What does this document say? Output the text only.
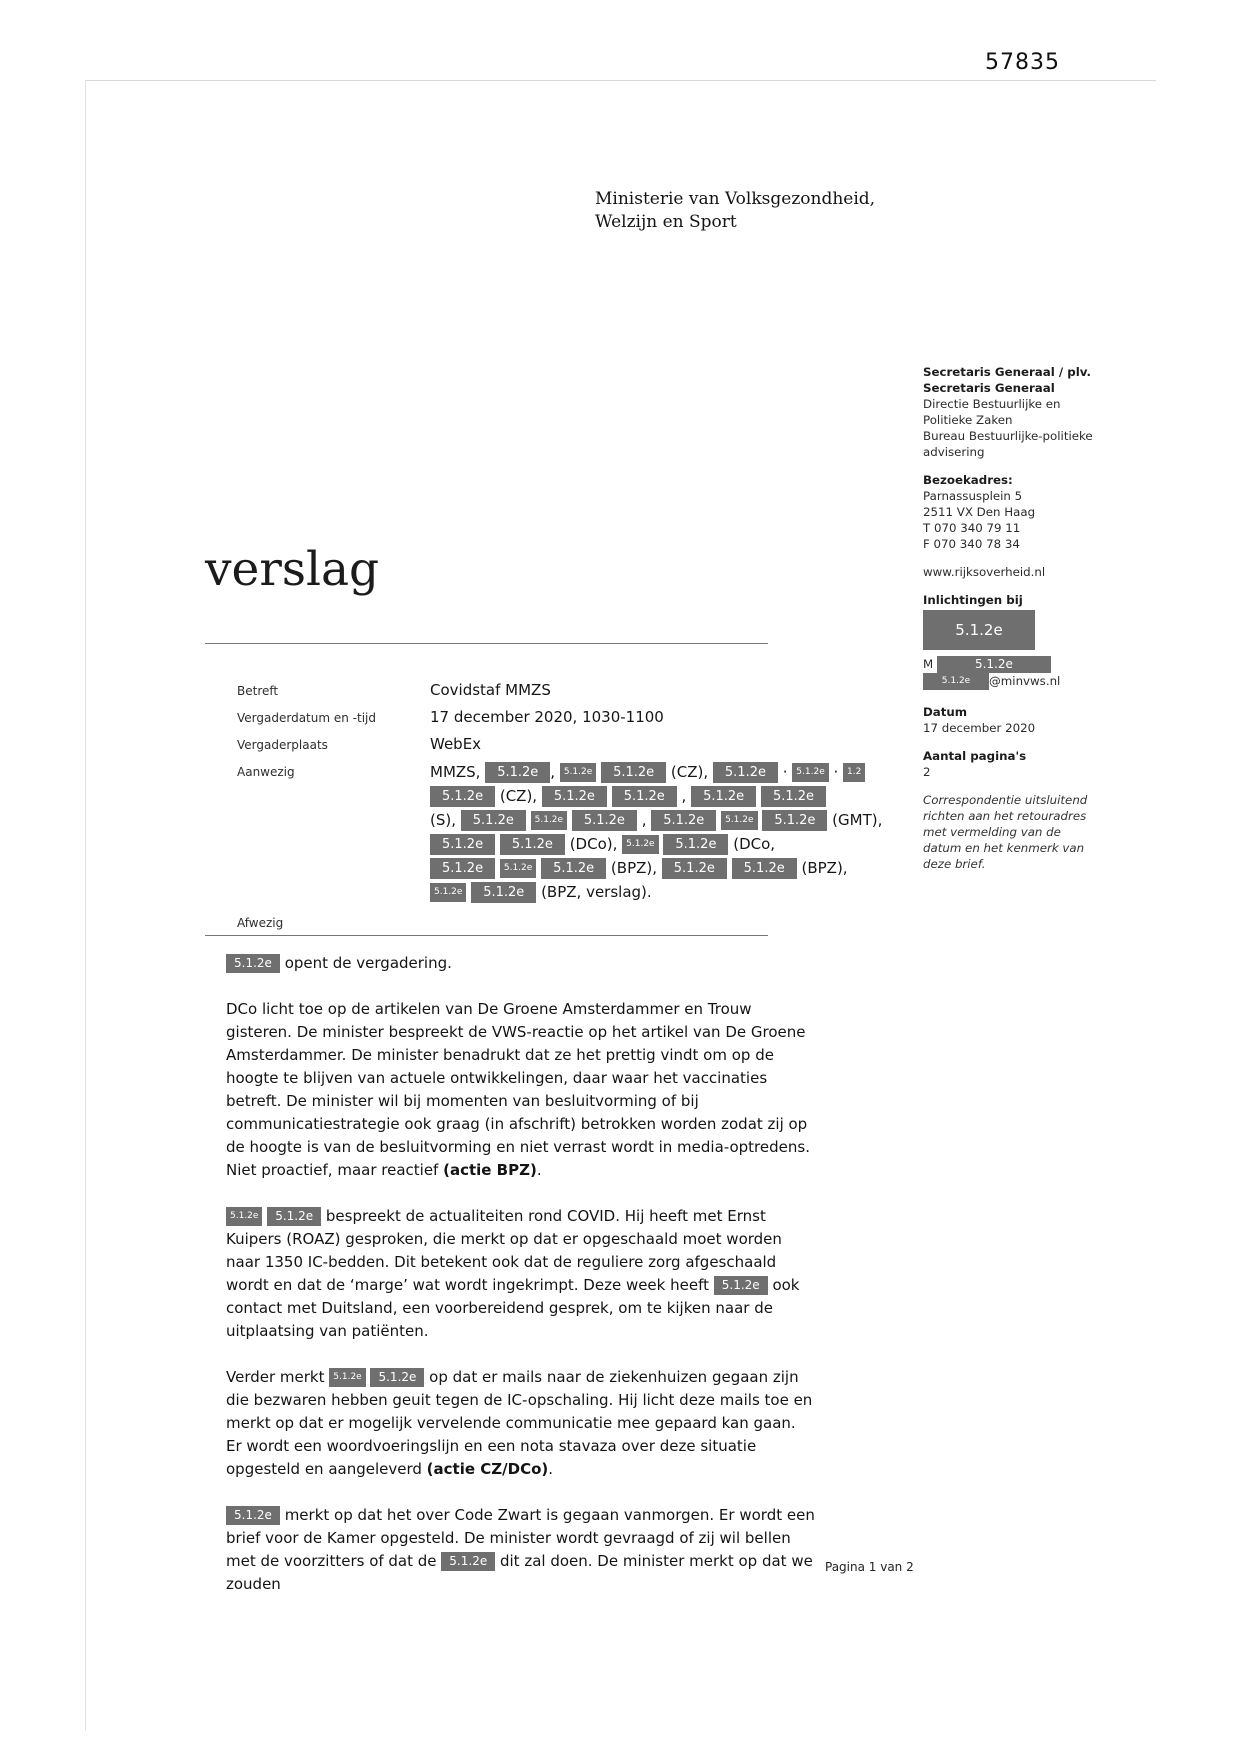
57835
Ministerie van Volksgezondheid,
Welzijn en Sport
Secretaris Generaal / plv.
Secretaris Generaal
Directie Bestuurlijke en
Politieke Zaken
Bureau Bestuurlijke-politieke
advisering
Bezoekadres:
Parnassusplein 5
2511 VX Den Haag
T 070 340 79 11
F 070 340 78 34
www.rijksoverheid.nl
Inlichtingen bij
5.1.2e
M	5.1.2e
5.1.2e @minvws.nl
Datum
17 december 2020
Aantal pagina's
2
Correspondentie uitsluitend richten aan het retouradres met vermelding van de datum en het kenmerk van deze brief.
verslag
Betreft	Covidstaf MMZS
Vergaderdatum en -tijd	17 december 2020, 1030-1100
Vergaderplaats	WebEx
Aanwezig	MMZS, 5.1.2e , 5.1.2e 5.1.2e (CZ), 5.1.2e · 5.1.2e · 1.2
5.1.2e (CZ), 5.1.2e 5.1.2e , 5.1.2e 5.1.2e
(S), 5.1.2e 5.1.2e 5.1.2e , 5.1.2e 5.1.2e 5.1.2e (GMT),
5.1.2e 5.1.2e (DCo), 5.1.2e 5.1.2e (DCo,
5.1.2e 5.1.2e 5.1.2e (BPZ), 5.1.2e 5.1.2e (BPZ),
5.1.2e 5.1.2e (BPZ, verslag).
Afwezig

5.1.2e opent de vergadering.

DCo licht toe op de artikelen van De Groene Amsterdammer en Trouw gisteren. De minister bespreekt de VWS-reactie op het artikel van De Groene Amsterdammer. De minister benadrukt dat ze het prettig vindt om op de hoogte te blijven van actuele ontwikkelingen, daar waar het vaccinaties betreft. De minister wil bij momenten van besluitvorming of bij communicatiestrategie ook graag (in afschrift) betrokken worden zodat zij op de hoogte is van de besluitvorming en niet verrast wordt in media-optredens. Niet proactief, maar reactief (actie BPZ).

5.1.2e 5.1.2e bespreekt de actualiteiten rond COVID. Hij heeft met Ernst Kuipers (ROAZ) gesproken, die merkt op dat er opgeschaald moet worden naar 1350 IC-bedden. Dit betekent ook dat de reguliere zorg afgeschaald wordt en dat de ‘marge’ wat wordt ingekrimpt. Deze week heeft 5.1.2e ook contact met Duitsland, een voorbereidend gesprek, om te kijken naar de uitplaatsing van patiënten.

Verder merkt 5.1.2e 5.1.2e op dat er mails naar de ziekenhuizen gegaan zijn die bezwaren hebben geuit tegen de IC-opschaling. Hij licht deze mails toe en merkt op dat er mogelijk vervelende communicatie mee gepaard kan gaan. Er wordt een woordvoeringslijn en een nota stavaza over deze situatie opgesteld en aangeleverd (actie CZ/DCo).

5.1.2e merkt op dat het over Code Zwart is gegaan vanmorgen. Er wordt een brief voor de Kamer opgesteld. De minister wordt gevraagd of zij wil bellen met de voorzitters of dat de 5.1.2e dit zal doen. De minister merkt op dat we zouden

Pagina 1 van 2
